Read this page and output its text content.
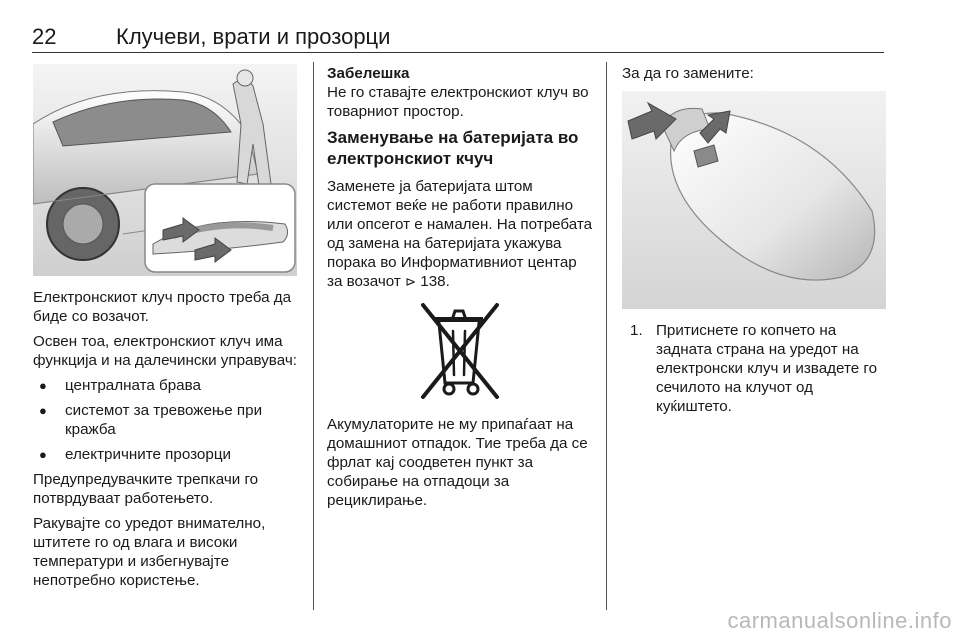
22	Клучеви, врати и прозорци

Електронскиот клуч просто треба да биде со возачот.

Освен тоа, електронскиот клуч има функција и на далечински управувач:

● централната брава
● системот за тревожење при кражба
● електричните прозорци

Предупредувачките трепкачи го потврдуваат работењето.

Ракувајте со уредот внимателно, штитете го од влага и високи температури и избегнувајте непотребно користење.

Забелешка

Не го ставајте електронскиот клуч во товарниот простор.

Заменување на батеријата во електронскиот кчуч

Заменете ја батеријата штом системот веќе не работи правилно или опсегот е намален. На потребата од замена на батеријата укажува порака во Информативниот центар за возачот ⊳ 138.

Акумулаторите не му припаѓаат на домашниот отпадок. Тие треба да се фрлат кај соодветен пункт за собирање на отпадоци за рециклирање.

За да го замените:

1. Притиснете го копчето на задната страна на уредот на електронски клуч и извадете го сечилото на клучот од куќиштето.
carmanualsonline.info
